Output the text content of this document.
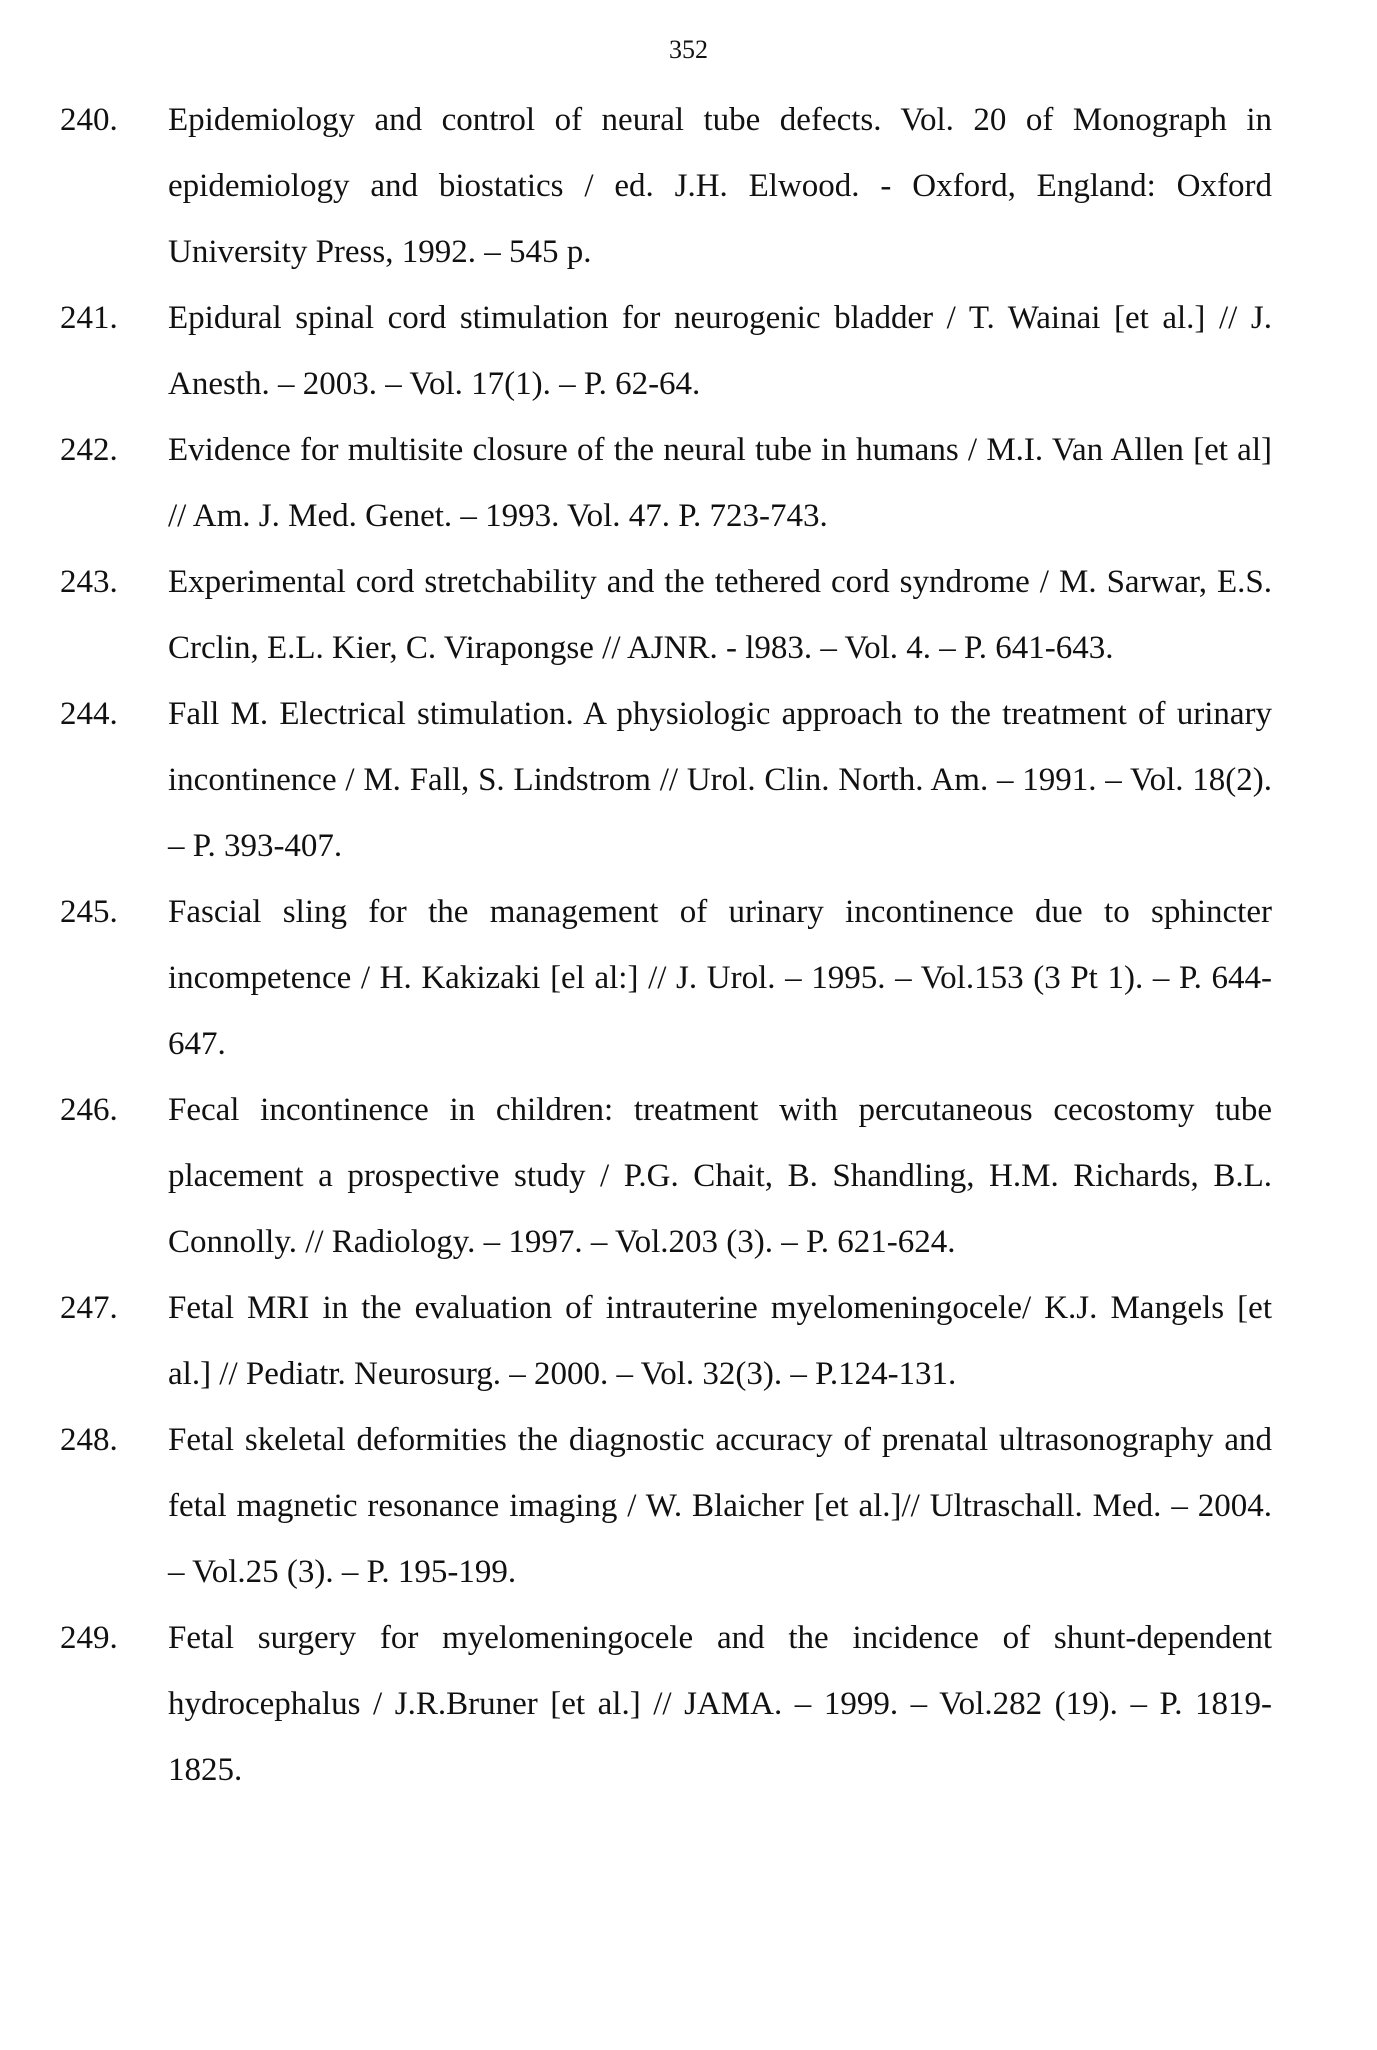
352
240.	Epidemiology and control of neural tube defects. Vol. 20 of Monograph in epidemiology and biostatics / ed. J.H. Elwood. - Oxford, England: Oxford University Press, 1992. – 545 p.
241.	Epidural spinal cord stimulation for neurogenic bladder / T. Wainai [et al.] // J. Anesth. – 2003. – Vol. 17(1). – P. 62-64.
242.	Evidence for multisite closure of the neural tube in humans / M.I. Van Allen [et al] // Am. J. Med. Genet. – 1993. Vol. 47. P. 723-743.
243.	Experimental cord stretchability and the tethered cord syndrome / M. Sarwar, E.S. Crclin, E.L. Kier, C. Virapongse // AJNR. - l983. – Vol. 4. – P. 641-643.
244.	Fall M. Electrical stimulation. A physiologic approach to the treatment of urinary incontinence / M. Fall, S. Lindstrom // Urol. Clin. North. Am. – 1991. – Vol. 18(2). – P. 393-407.
245.	Fascial sling for the management of urinary incontinence due to sphincter incompetence / H. Kakizaki [el al:] // J. Urol. – 1995. – Vol.153 (3 Pt 1). – P. 644-647.
246.	Fecal incontinence in children: treatment with percutaneous cecostomy tube placement a prospective study / P.G. Chait, B. Shandling, H.M. Richards, B.L. Connolly. // Radiology. – 1997. – Vol.203 (3). – P. 621-624.
247.	Fetal MRI in the evaluation of intrauterine myelomeningocele/ K.J. Mangels [et al.] // Pediatr. Neurosurg. – 2000. – Vol. 32(3). – P.124-131.
248.	Fetal skeletal deformities the diagnostic accuracy of prenatal ultrasonography and fetal magnetic resonance imaging / W. Blaicher [et al.]// Ultraschall. Med. – 2004. – Vol.25 (3). – P. 195-199.
249.	Fetal surgery for myelomeningocele and the incidence of shunt-dependent hydrocephalus / J.R.Bruner [et al.] // JAMA. – 1999. – Vol.282 (19). – P. 1819-1825.
